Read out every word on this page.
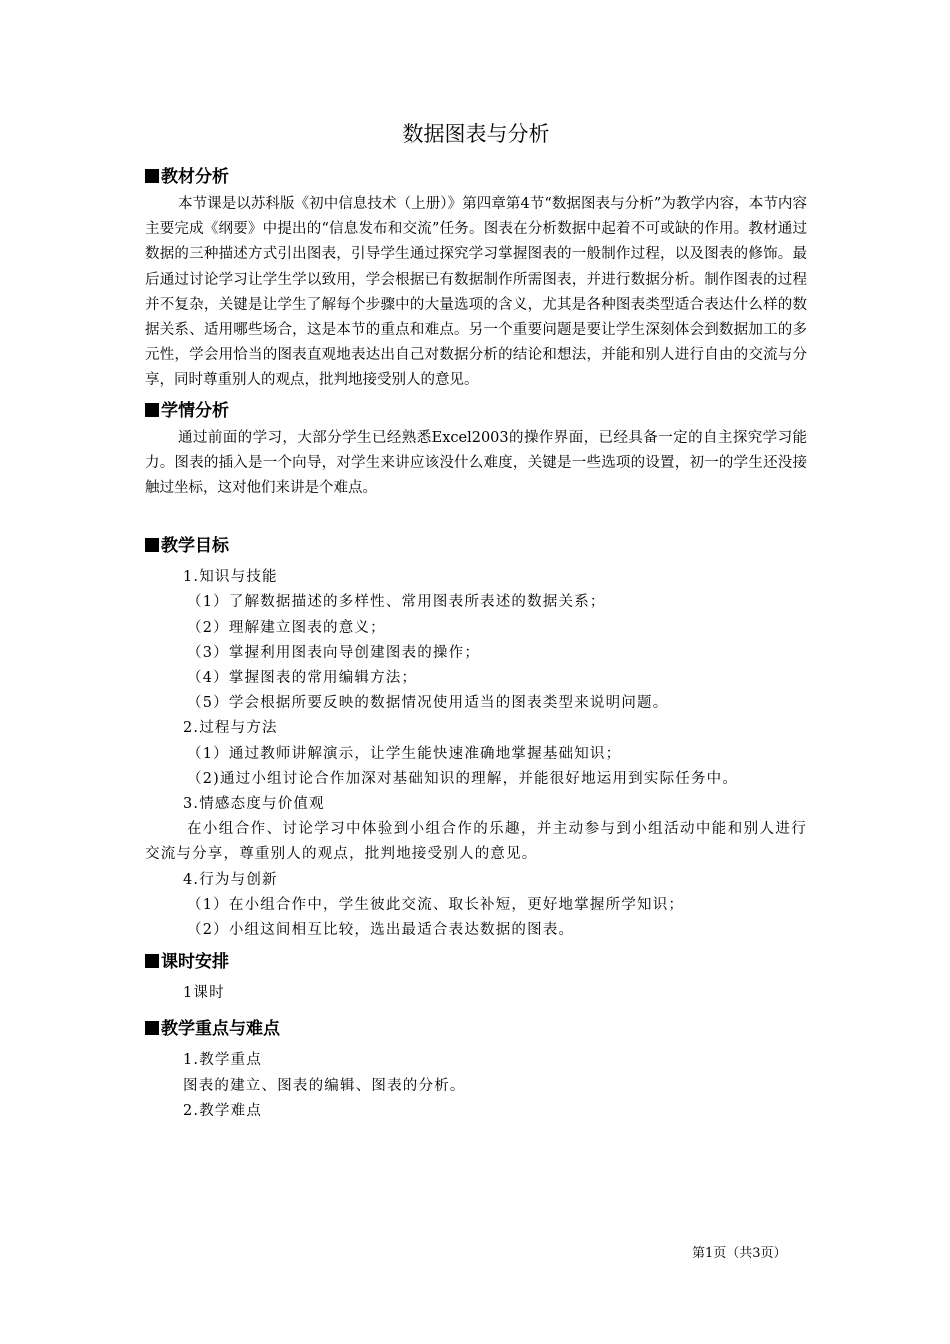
数据图表与分析
教材分析

本节课是以苏科版《初中信息技术（上册）》第四章第4节“数据图表与分析”为教学内容，本节内容主要完成《纲要》中提出的“信息发布和交流”任务。图表在分析数据中起着不可或缺的作用。教材通过数据的三种描述方式引出图表，引导学生通过探究学习掌握图表的一般制作过程，以及图表的修饰。最后通过讨论学习让学生学以致用，学会根据已有数据制作所需图表，并进行数据分析。制作图表的过程并不复杂，关键是让学生了解每个步骤中的大量选项的含义，尤其是各种图表类型适合表达什么样的数据关系、适用哪些场合，这是本节的重点和难点。另一个重要问题是要让学生深刻体会到数据加工的多元性，学会用恰当的图表直观地表达出自己对数据分析的结论和想法，并能和别人进行自由的交流与分享，同时尊重别人的观点，批判地接受别人的意见。

学情分析

通过前面的学习，大部分学生已经熟悉Excel2003的操作界面，已经具备一定的自主探究学习能力。图表的插入是一个向导，对学生来讲应该没什么难度，关键是一些选项的设置，初一的学生还没接触过坐标，这对他们来讲是个难点。

教学目标

1.知识与技能

（1）了解数据描述的多样性、常用图表所表述的数据关系；

（2）理解建立图表的意义；

（3）掌握利用图表向导创建图表的操作；

（4）掌握图表的常用编辑方法；

（5）学会根据所要反映的数据情况使用适当的图表类型来说明问题。

2.过程与方法

（1）通过教师讲解演示，让学生能快速准确地掌握基础知识；

（2)通过小组讨论合作加深对基础知识的理解，并能很好地运用到实际任务中。

3.情感态度与价值观

在小组合作、讨论学习中体验到小组合作的乐趣，并主动参与到小组活动中能和别人进行交流与分享，尊重别人的观点，批判地接受别人的意见。

4.行为与创新

（1）在小组合作中，学生彼此交流、取长补短，更好地掌握所学知识；

（2）小组这间相互比较，选出最适合表达数据的图表。

课时安排

1课时

教学重点与难点

1.教学重点

图表的建立、图表的编辑、图表的分析。

2.教学难点

第1页（共3页）
